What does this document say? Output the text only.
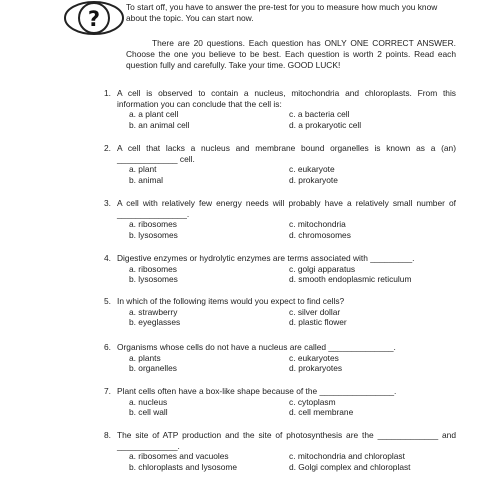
?	To start off, you have to answer the pre-test for you to measure how much you know about the topic. You can start now.
There are 20 questions. Each question has ONLY ONE CORRECT ANSWER. Choose the one you believe to be best. Each question is worth 2 points. Read each question fully and carefully. Take your time. GOOD LUCK!
1. A cell is observed to contain a nucleus, mitochondria and chloroplasts. From this information you can conclude that the cell is:
a. a plant cell	c. a bacteria cell
b. an animal cell	d. a prokaryotic cell
2. A cell that lacks a nucleus and membrane bound organelles is known as a (an) _____________ cell.
a. plant	c. eukaryote
b. animal	d. prokaryote
3. A cell with relatively few energy needs will probably have a relatively small number of _______________.
a. ribosomes	c. mitochondria
b. lysosomes	d. chromosomes
4. Digestive enzymes or hydrolytic enzymes are terms associated with _________.
a. ribosomes	c. golgi apparatus
b. lysosomes	d. smooth endoplasmic reticulum
5. In which of the following items would you expect to find cells?
a. strawberry	c. silver dollar
b. eyeglasses	d. plastic flower
6. Organisms whose cells do not have a nucleus are called ______________.
a. plants	c. eukaryotes
b. organelles	d. prokaryotes
7. Plant cells often have a box-like shape because of the ________________.
a. nucleus	c. cytoplasm
b. cell wall	d. cell membrane
8. The site of ATP production and the site of photosynthesis are the _____________ and _____________.
a. ribosomes and vacuoles	c. mitochondria and chloroplast
b. chloroplasts and lysosome	d. Golgi complex and chloroplast
